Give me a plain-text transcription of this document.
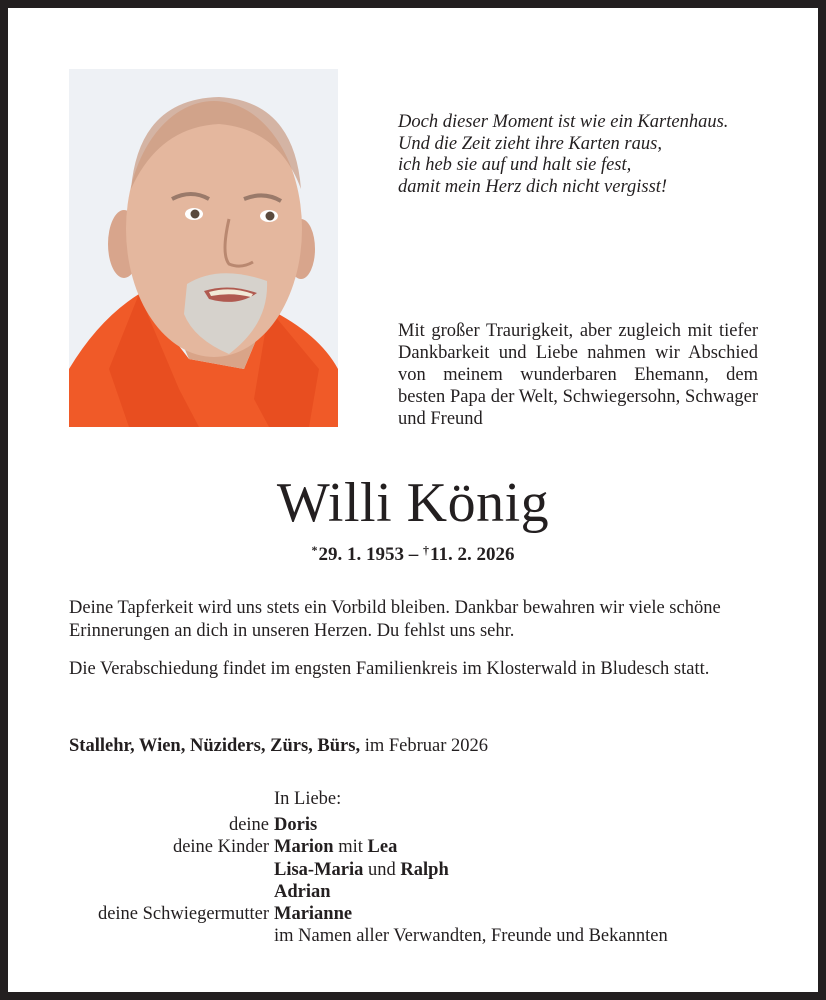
Doch dieser Moment ist wie ein Kartenhaus.
Und die Zeit zieht ihre Karten raus,
ich heb sie auf und halt sie fest,
damit mein Herz dich nicht vergisst!
Mit großer Traurigkeit, aber zugleich mit tiefer Dankbarkeit und Liebe nahmen wir Abschied von meinem wunderbaren Ehemann, dem besten Papa der Welt, Schwiegersohn, Schwager und Freund
Willi König
*29. 1. 1953 – †11. 2. 2026

Deine Tapferkeit wird uns stets ein Vorbild bleiben. Dankbar bewahren wir viele schöne Erinnerungen an dich in unseren Herzen. Du fehlst uns sehr.

Die Verabschiedung findet im engsten Familienkreis im Klosterwald in Bludesch statt.

Stallehr, Wien, Nüziders, Zürs, Bürs, im Februar 2026
In Liebe:
deine Doris
deine Kinder Marion mit Lea
Lisa-Maria und Ralph
Adrian
deine Schwiegermutter Marianne
im Namen aller Verwandten, Freunde und Bekannten
